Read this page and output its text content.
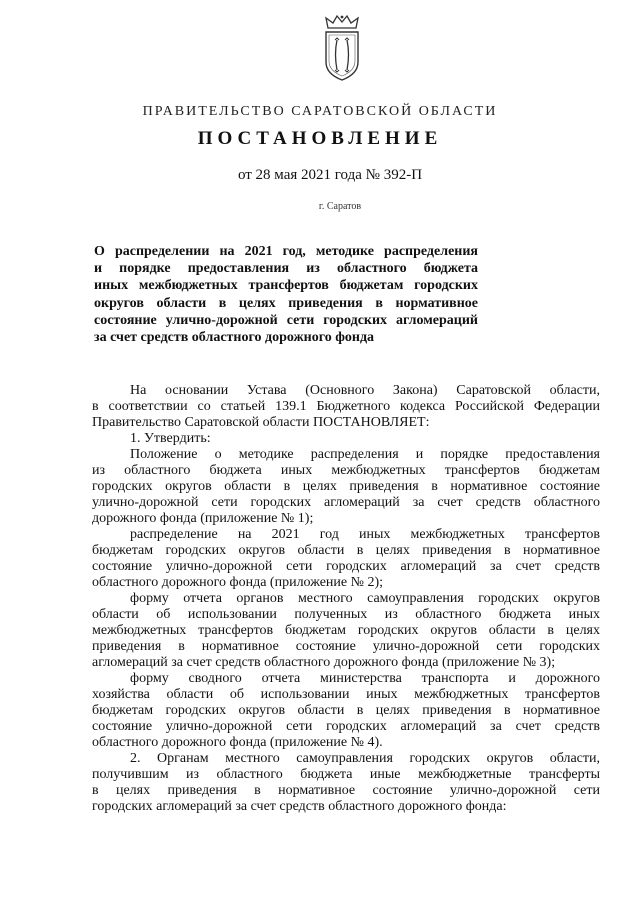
ПРАВИТЕЛЬСТВО САРАТОВСКОЙ ОБЛАСТИ
ПОСТАНОВЛЕНИЕ
от 28 мая 2021 года № 392-П
г. Саратов
О распределении на 2021 год, методике распределения
и порядке предоставления из областного бюджета
иных межбюджетных трансфертов бюджетам городских
округов области в целях приведения в нормативное
состояние улично-дорожной сети городских агломераций
за счет средств областного дорожного фонда
На основании Устава (Основного Закона) Саратовской области,
в соответствии со статьей 139.1 Бюджетного кодекса Российской Федерации
Правительство Саратовской области ПОСТАНОВЛЯЕТ:
1. Утвердить:
Положение о методике распределения и порядке предоставления
из областного бюджета иных межбюджетных трансфертов бюджетам
городских округов области в целях приведения в нормативное состояние
улично-дорожной сети городских агломераций за счет средств областного
дорожного фонда (приложение № 1);
распределение на 2021 год иных межбюджетных трансфертов
бюджетам городских округов области в целях приведения в нормативное
состояние улично-дорожной сети городских агломераций за счет средств
областного дорожного фонда (приложение № 2);
форму отчета органов местного самоуправления городских округов
области об использовании полученных из областного бюджета иных
межбюджетных трансфертов бюджетам городских округов области в целях
приведения в нормативное состояние улично-дорожной сети городских
агломераций за счет средств областного дорожного фонда (приложение № 3);
форму сводного отчета министерства транспорта и дорожного
хозяйства области об использовании иных межбюджетных трансфертов
бюджетам городских округов области в целях приведения в нормативное
состояние улично-дорожной сети городских агломераций за счет средств
областного дорожного фонда (приложение № 4).
2. Органам местного самоуправления городских округов области,
получившим из областного бюджета иные межбюджетные трансферты
в целях приведения в нормативное состояние улично-дорожной сети
городских агломераций за счет средств областного дорожного фонда:
